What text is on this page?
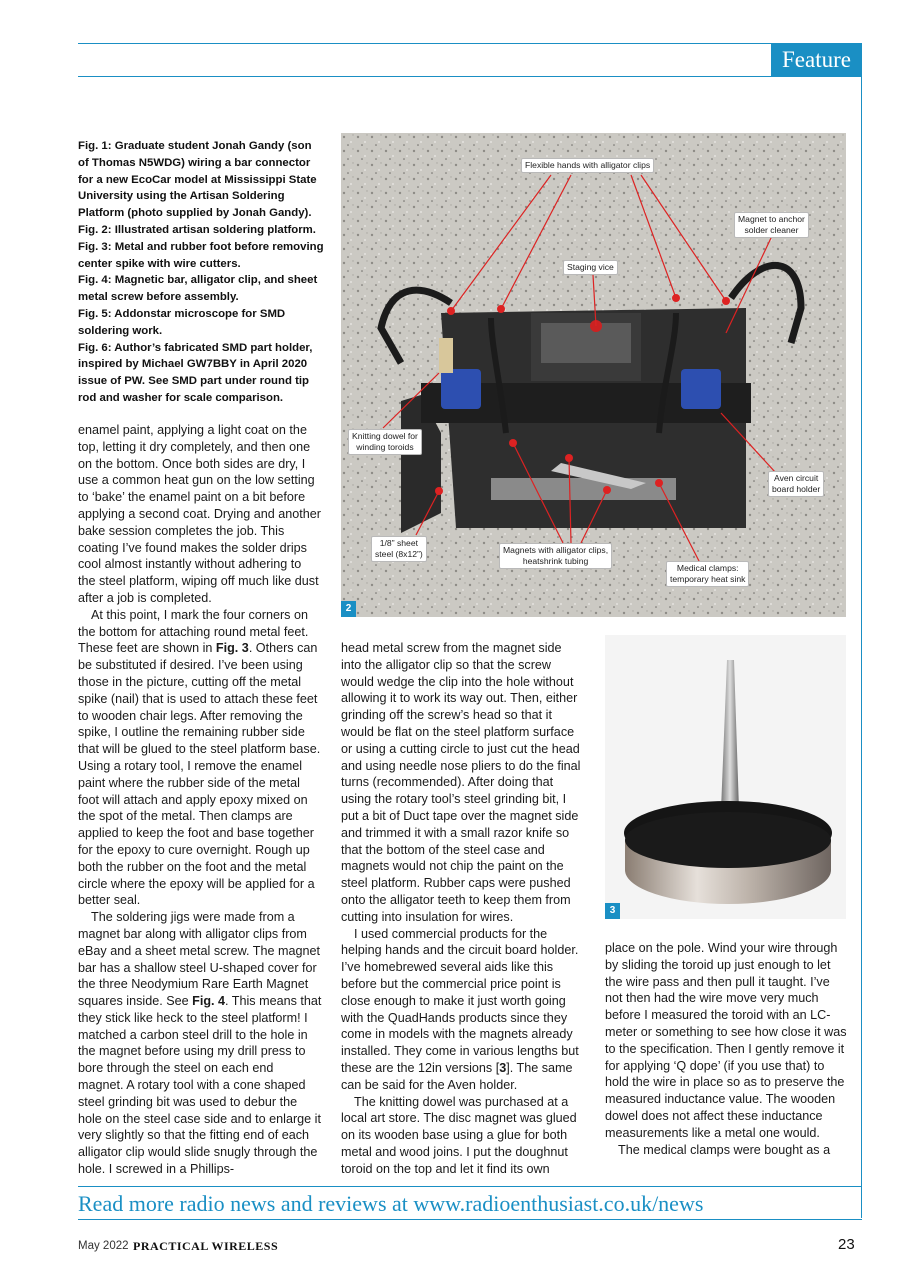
Feature

Fig. 1: Graduate student Jonah Gandy (son of Thomas N5WDG) wiring a bar connector for a new EcoCar model at Mississippi State University using the Artisan Soldering Platform (photo supplied by Jonah Gandy).

Fig. 2: Illustrated artisan soldering platform.

Fig. 3: Metal and rubber foot before removing center spike with wire cutters.

Fig. 4: Magnetic bar, alligator clip, and sheet metal screw before assembly.

Fig. 5: Addonstar microscope for SMD soldering work.

Fig. 6: Author’s fabricated SMD part holder, inspired by Michael GW7BBY in April 2020 issue of PW. See SMD part under round tip rod and washer for scale comparison.

Flexible hands with alligator clips
Magnet to anchor
solder cleaner
Staging vice
Knitting dowel for
winding toroids
Aven circuit
board holder
1/8” sheet
steel (8x12”)	Magnets with alligator clips,
heatshrink tubing
Medical clamps:
temporary heat sink
2
3

enamel paint, applying a light coat on the top, letting it dry completely, and then one on the bottom. Once both sides are dry, I use a common heat gun on the low setting to ‘bake’ the enamel paint on a bit before applying a second coat. Drying and another bake session completes the job. This coating I’ve found makes the solder drips cool almost instantly without adhering to the steel platform, wiping off much like dust after a job is completed.

At this point, I mark the four corners on the bottom for attaching round metal feet. These feet are shown in Fig. 3. Others can be substituted if desired. I’ve been using those in the picture, cutting off the metal spike (nail) that is used to attach these feet to wooden chair legs. After removing the spike, I outline the remaining rubber side that will be glued to the steel platform base. Using a rotary tool, I remove the enamel paint where the rubber side of the metal foot will attach and apply epoxy mixed on the spot of the metal. Then clamps are applied to keep the foot and base together for the epoxy to cure overnight. Rough up both the rubber on the foot and the metal circle where the epoxy will be applied for a better seal.

The soldering jigs were made from a magnet bar along with alligator clips from eBay and a sheet metal screw. The magnet bar has a shallow steel U-shaped cover for the three Neodymium Rare Earth Magnet squares inside. See Fig. 4. This means that they stick like heck to the steel platform! I matched a carbon steel drill to the hole in the magnet before using my drill press to bore through the steel on each end magnet. A rotary tool with a cone shaped steel grinding bit was used to debur the hole on the steel case side and to enlarge it very slightly so that the fitting end of each alligator clip would slide snugly through the hole. I screwed in a Phillips-

head metal screw from the magnet side into the alligator clip so that the screw would wedge the clip into the hole without allowing it to work its way out. Then, either grinding off the screw’s head so that it would be flat on the steel platform surface or using a cutting circle to just cut the head and using needle nose pliers to do the final turns (recommended). After doing that using the rotary tool’s steel grinding bit, I put a bit of Duct tape over the magnet side and trimmed it with a small razor knife so that the bottom of the steel case and magnets would not chip the paint on the steel platform. Rubber caps were pushed onto the alligator teeth to keep them from cutting into insulation for wires.

I used commercial products for the helping hands and the circuit board holder. I’ve homebrewed several aids like this before but the commercial price point is close enough to make it just worth going with the QuadHands products since they come in models with the magnets already installed. They come in various lengths but these are the 12in versions [3]. The same can be said for the Aven holder.

The knitting dowel was purchased at a local art store. The disc magnet was glued on its wooden base using a glue for both metal and wood joins. I put the doughnut toroid on the top and let it find its own

place on the pole. Wind your wire through by sliding the toroid up just enough to let the wire pass and then pull it taught. I’ve not then had the wire move very much before I measured the toroid with an LC-meter or something to see how close it was to the specification. Then I gently remove it for applying ‘Q dope’ (if you use that) to hold the wire in place so as to preserve the measured inductance value. The wooden dowel does not affect these inductance measurements like a metal one would.

The medical clamps were bought as a

Read more radio news and reviews at www.radioenthusiast.co.uk/news
May 2022 PRACTICAL WIRELESS	23
